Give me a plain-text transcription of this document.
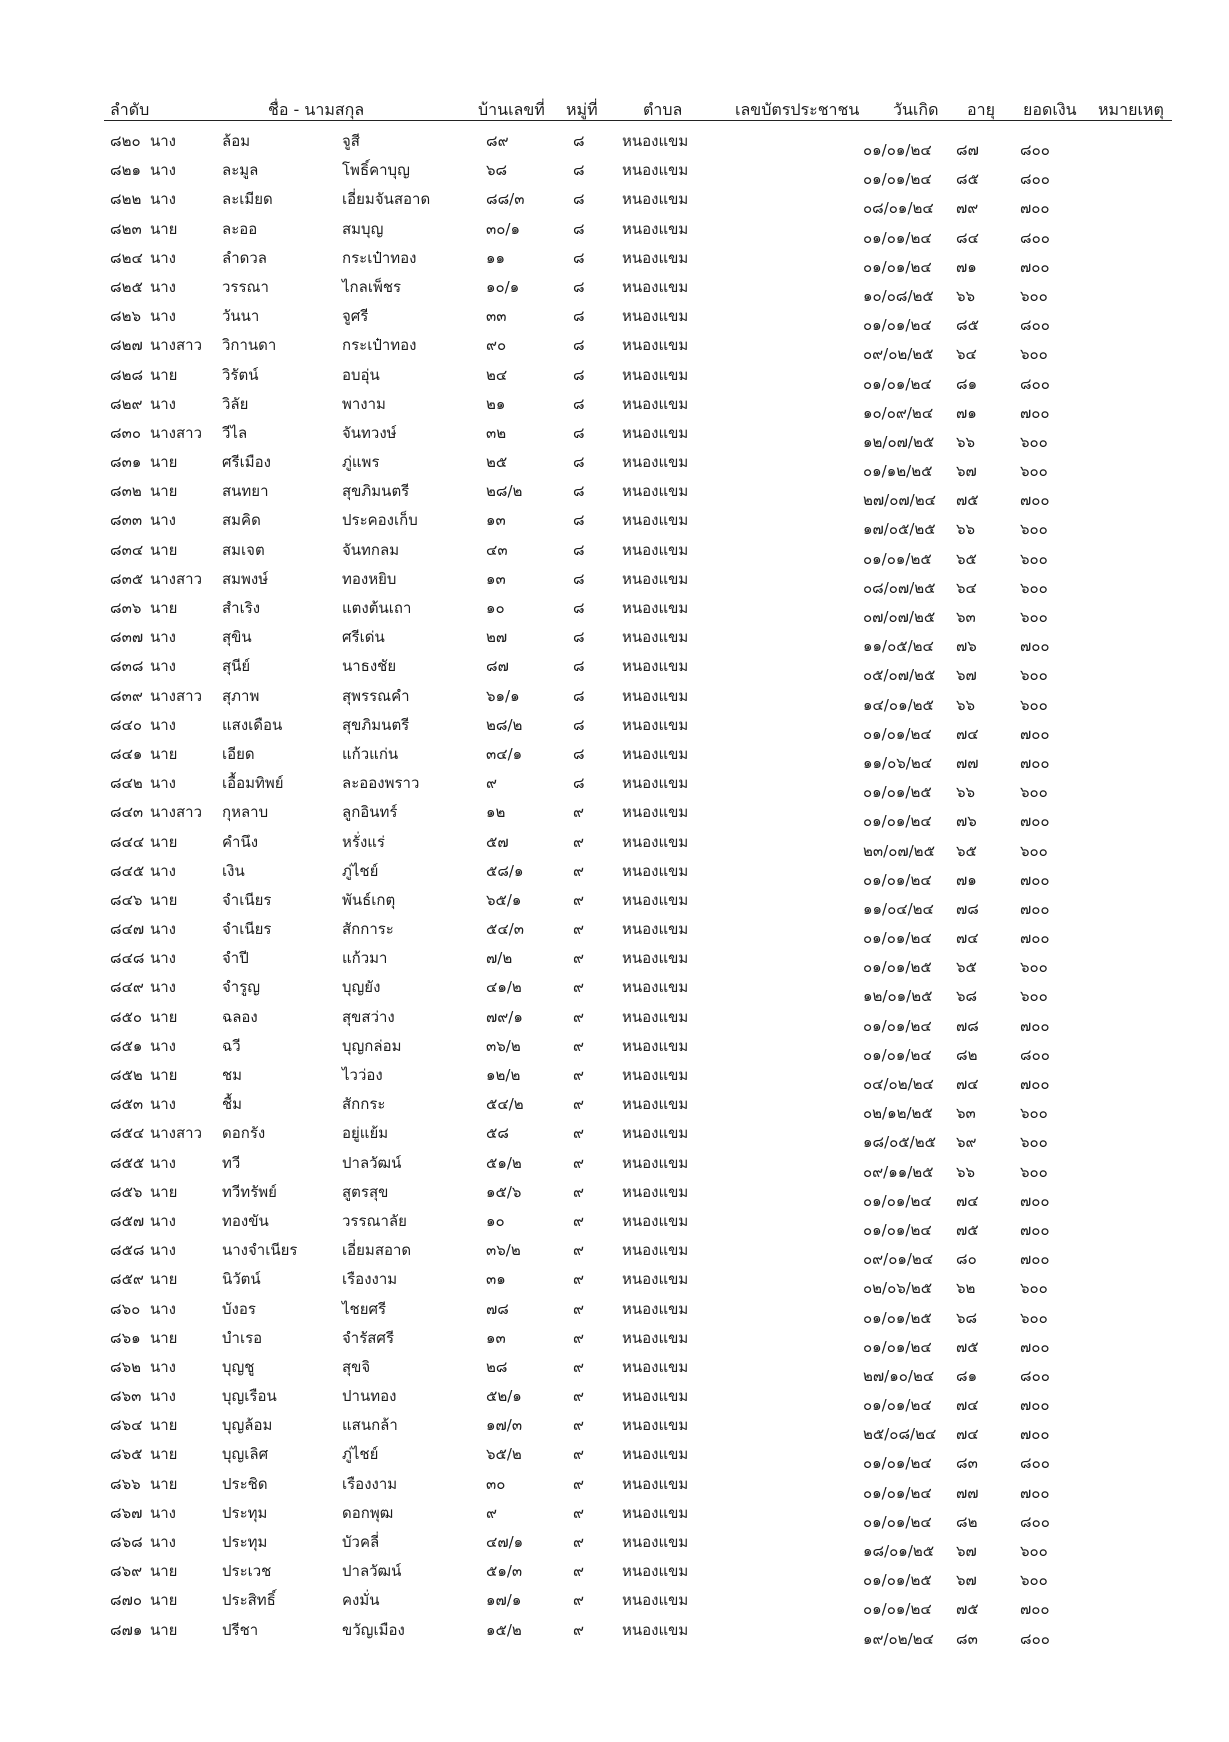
ลำดับ	ชื่อ - นามสกุล	บ้านเลขที่ หมู่ที่	ตำบล	เลขบัตรประชาชน วันเกิด อายุ ยอดเงิน หมายเหตุ
๘๒๐ นาง	ล้อม	จูสี	๘๙	๘ หนองแขม	๐๑/๐๑/๒๔ ๘๗	๘๐๐
๘๒๑ นาง	ละมูล	โพธิ์คาบุญ	๖๘	๘ หนองแขม	๐๑/๐๑/๒๔ ๘๕	๘๐๐
๘๒๒ นาง	ละเมียด	เอี่ยมจันสอาด	๘๘/๓	๘ หนองแขม	๐๘/๐๑/๒๔ ๗๙	๗๐๐
๘๒๓ นาย	ละออ	สมบุญ	๓๐/๑	๘ หนองแขม	๐๑/๐๑/๒๔ ๘๔	๘๐๐
๘๒๔ นาง	ลำดวล	กระเป๋าทอง	๑๑	๘ หนองแขม	๐๑/๐๑/๒๔ ๗๑	๗๐๐
๘๒๕ นาง	วรรณา	ไกลเพ็ชร	๑๐/๑	๘ หนองแขม	๑๐/๐๘/๒๕ ๖๖	๖๐๐
๘๒๖ นาง	วันนา	จูศรี	๓๓	๘ หนองแขม	๐๑/๐๑/๒๔ ๘๕	๘๐๐
๘๒๗ นางสาว วิกานดา	กระเป๋าทอง	๙๐	๘ หนองแขม	๐๙/๐๒/๒๕ ๖๔	๖๐๐
๘๒๘ นาย	วิรัตน์	อบอุ่น	๒๔	๘ หนองแขม	๐๑/๐๑/๒๔ ๘๑	๘๐๐
๘๒๙ นาง	วิลัย	พางาม	๒๑	๘ หนองแขม	๑๐/๐๙/๒๔ ๗๑	๗๐๐
๘๓๐ นางสาว วีไล	จันทวงษ์	๓๒	๘ หนองแขม	๑๒/๐๗/๒๕ ๖๖	๖๐๐
๘๓๑ นาย	ศรีเมือง	ภู่แพร	๒๕	๘ หนองแขม	๐๑/๑๒/๒๕ ๖๗	๖๐๐
๘๓๒ นาย	สนทยา	สุขภิมนตรี	๒๘/๒	๘ หนองแขม	๒๗/๐๗/๒๔ ๗๕	๗๐๐
๘๓๓ นาง	สมคิด	ประคองเก็บ	๑๓	๘ หนองแขม	๑๗/๐๕/๒๕ ๖๖	๖๐๐
๘๓๔ นาย	สมเจต	จันทกลม	๔๓	๘ หนองแขม	๐๑/๐๑/๒๕ ๖๕	๖๐๐
๘๓๕ นางสาว สมพงษ์	ทองหยิบ	๑๓	๘ หนองแขม	๐๘/๐๗/๒๕ ๖๔	๖๐๐
๘๓๖ นาย	สำเริง	แตงต้นเถา	๑๐	๘ หนองแขม	๐๗/๐๗/๒๕ ๖๓	๖๐๐
๘๓๗ นาง	สุขิน	ศรีเด่น	๒๗	๘ หนองแขม	๑๑/๐๕/๒๔ ๗๖	๗๐๐
๘๓๘ นาง	สุนีย์	นาธงชัย	๘๗	๘ หนองแขม	๐๕/๐๗/๒๕ ๖๗	๖๐๐
๘๓๙ นางสาว สุภาพ	สุพรรณคำ	๖๑/๑	๘ หนองแขม	๑๔/๐๑/๒๕ ๖๖	๖๐๐
๘๔๐ นาง	แสงเดือน	สุขภิมนตรี	๒๘/๒	๘ หนองแขม	๐๑/๐๑/๒๔ ๗๔	๗๐๐
๘๔๑ นาย	เอียด	แก้วแก่น	๓๔/๑	๘ หนองแขม	๑๑/๐๖/๒๔ ๗๗	๗๐๐
๘๔๒ นาง	เอื้อมทิพย์	ละอองพราว	๙	๘ หนองแขม	๐๑/๐๑/๒๕ ๖๖	๖๐๐
๘๔๓ นางสาว กุหลาบ	ลูกอินทร์	๑๒	๙	หนองแขม	๐๑/๐๑/๒๔ ๗๖	๗๐๐
๘๔๔ นาย	คำนึง	หรั่งแร่	๕๗	๙	หนองแขม	๒๓/๐๗/๒๕ ๖๕	๖๐๐
๘๔๕ นาง	เงิน	ภู่ไชย์	๕๘/๑	๙	หนองแขม	๐๑/๐๑/๒๔ ๗๑	๗๐๐
๘๔๖ นาย	จำเนียร	พันธ์เกตุ	๖๕/๑	๙	หนองแขม	๑๑/๐๔/๒๔ ๗๘	๗๐๐
๘๔๗ นาง	จำเนียร	สักการะ	๕๔/๓	๙	หนองแขม	๐๑/๐๑/๒๔ ๗๔	๗๐๐
๘๔๘ นาง	จำปี	แก้วมา	๗/๒	๙	หนองแขม	๐๑/๐๑/๒๕ ๖๕	๖๐๐
๘๔๙ นาง	จำรูญ	บุญยัง	๔๑/๒	๙	หนองแขม	๑๒/๐๑/๒๕ ๖๘	๖๐๐
๘๕๐ นาย	ฉลอง	สุขสว่าง	๗๙/๑	๙	หนองแขม	๐๑/๐๑/๒๔ ๗๘	๗๐๐
๘๕๑ นาง	ฉวี	บุญกล่อม	๓๖/๒	๙	หนองแขม	๐๑/๐๑/๒๔ ๘๒	๘๐๐
๘๕๒ นาย	ชม	ไวว่อง	๑๒/๒	๙	หนองแขม	๐๔/๐๒/๒๔ ๗๔	๗๐๐
๘๕๓ นาง	ชื้ม	สักกระ	๕๔/๒	๙	หนองแขม	๐๒/๑๒/๒๕ ๖๓	๖๐๐
๘๕๔ นางสาว ดอกรัง	อยู่แย้ม	๕๘	๙	หนองแขม	๑๘/๐๕/๒๕ ๖๙	๖๐๐
๘๕๕ นาง	ทวี	ปาลวัฒน์	๕๑/๒	๙	หนองแขม	๐๙/๑๑/๒๕ ๖๖	๖๐๐
๘๕๖ นาย	ทวีทรัพย์	สูตรสุข	๑๕/๖	๙	หนองแขม	๐๑/๐๑/๒๔ ๗๔	๗๐๐
๘๕๗ นาง	ทองขัน	วรรณาลัย	๑๐	๙	หนองแขม	๐๑/๐๑/๒๔ ๗๕	๗๐๐
๘๕๘ นาง	นางจำเนียร	เอี่ยมสอาด	๓๖/๒	๙	หนองแขม	๐๙/๐๑/๒๔ ๘๐	๗๐๐
๘๕๙ นาย	นิวัตน์	เรืองงาม	๓๑	๙	หนองแขม	๐๒/๐๖/๒๕ ๖๒	๖๐๐
๘๖๐ นาง	บังอร	ไชยศรี	๗๘	๙	หนองแขม	๐๑/๐๑/๒๕ ๖๘	๖๐๐
๘๖๑ นาย	บำเรอ	จำรัสศรี	๑๓	๙	หนองแขม	๐๑/๐๑/๒๔ ๗๕	๗๐๐
๘๖๒ นาง	บุญชู	สุขจิ	๒๘	๙	หนองแขม	๒๗/๑๐/๒๔ ๘๑	๘๐๐
๘๖๓ นาง	บุญเรือน	ปานทอง	๕๒/๑	๙	หนองแขม	๐๑/๐๑/๒๔ ๗๔	๗๐๐
๘๖๔ นาย	บุญล้อม	แสนกล้า	๑๗/๓	๙	หนองแขม	๒๕/๐๘/๒๔ ๗๔	๗๐๐
๘๖๕ นาย	บุญเลิศ	ภู่ไชย์	๖๕/๒	๙	หนองแขม	๐๑/๐๑/๒๔ ๘๓	๘๐๐
๘๖๖ นาย	ประชิด	เรืองงาม	๓๐	๙	หนองแขม	๐๑/๐๑/๒๔ ๗๗	๗๐๐
๘๖๗ นาง	ประทุม	ดอกพุฒ	๙	๙	หนองแขม	๐๑/๐๑/๒๔ ๘๒	๘๐๐
๘๖๘ นาง	ประทุม	บัวคลี่	๔๗/๑	๙	หนองแขม	๑๘/๐๑/๒๕ ๖๗	๖๐๐
๘๖๙ นาย	ประเวช	ปาลวัฒน์	๕๑/๓	๙	หนองแขม	๐๑/๐๑/๒๕ ๖๗	๖๐๐
๘๗๐ นาย	ประสิทธิ์	คงมั่น	๑๗/๑	๙	หนองแขม	๐๑/๐๑/๒๔ ๗๕	๗๐๐
๘๗๑ นาย	ปรีชา	ขวัญเมือง	๑๕/๒	๙	หนองแขม	๑๙/๐๒/๒๔ ๘๓	๘๐๐
